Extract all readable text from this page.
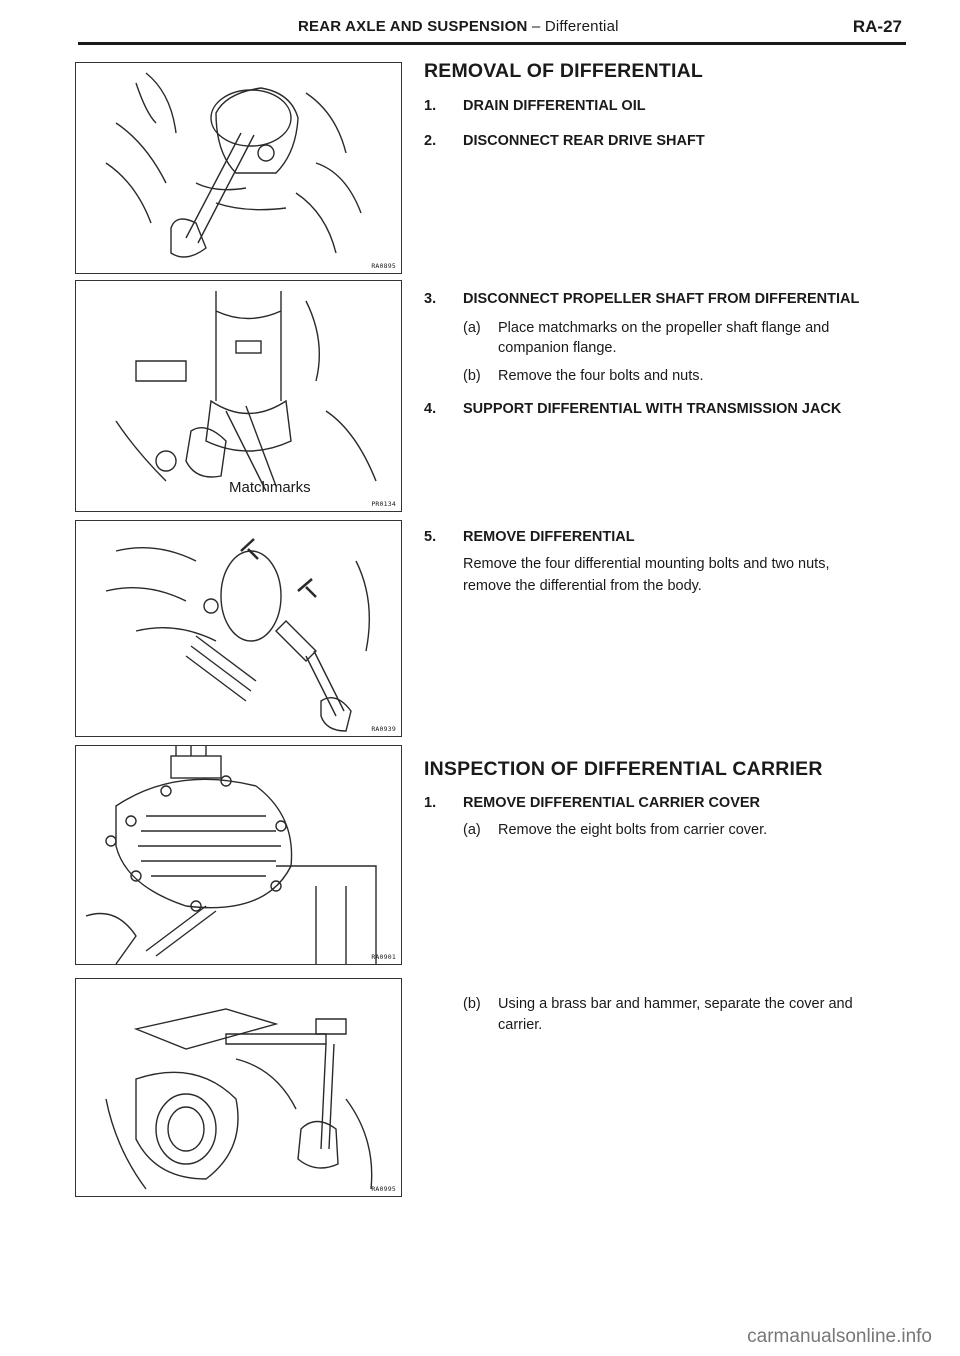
REAR AXLE AND SUSPENSION – Differential	RA-27
RA0895
Matchmarks
PR0134
RA0939
RA0901
RA0995
REMOVAL OF DIFFERENTIAL
1. DRAIN DIFFERENTIAL OIL
2. DISCONNECT REAR DRIVE SHAFT
3. DISCONNECT PROPELLER SHAFT FROM DIFFERENTIAL
(a) Place matchmarks on the propeller shaft flange and
companion flange.
(b) Remove the four bolts and nuts.
4. SUPPORT DIFFERENTIAL WITH TRANSMISSION JACK
5. REMOVE DIFFERENTIAL
Remove the four differential mounting bolts and two nuts,
remove the differential from the body.
INSPECTION OF DIFFERENTIAL CARRIER
1. REMOVE DIFFERENTIAL CARRIER COVER
(a) Remove the eight bolts from carrier cover.
(b) Using a brass bar and hammer, separate the cover and
carrier.
carmanualsonline.info
